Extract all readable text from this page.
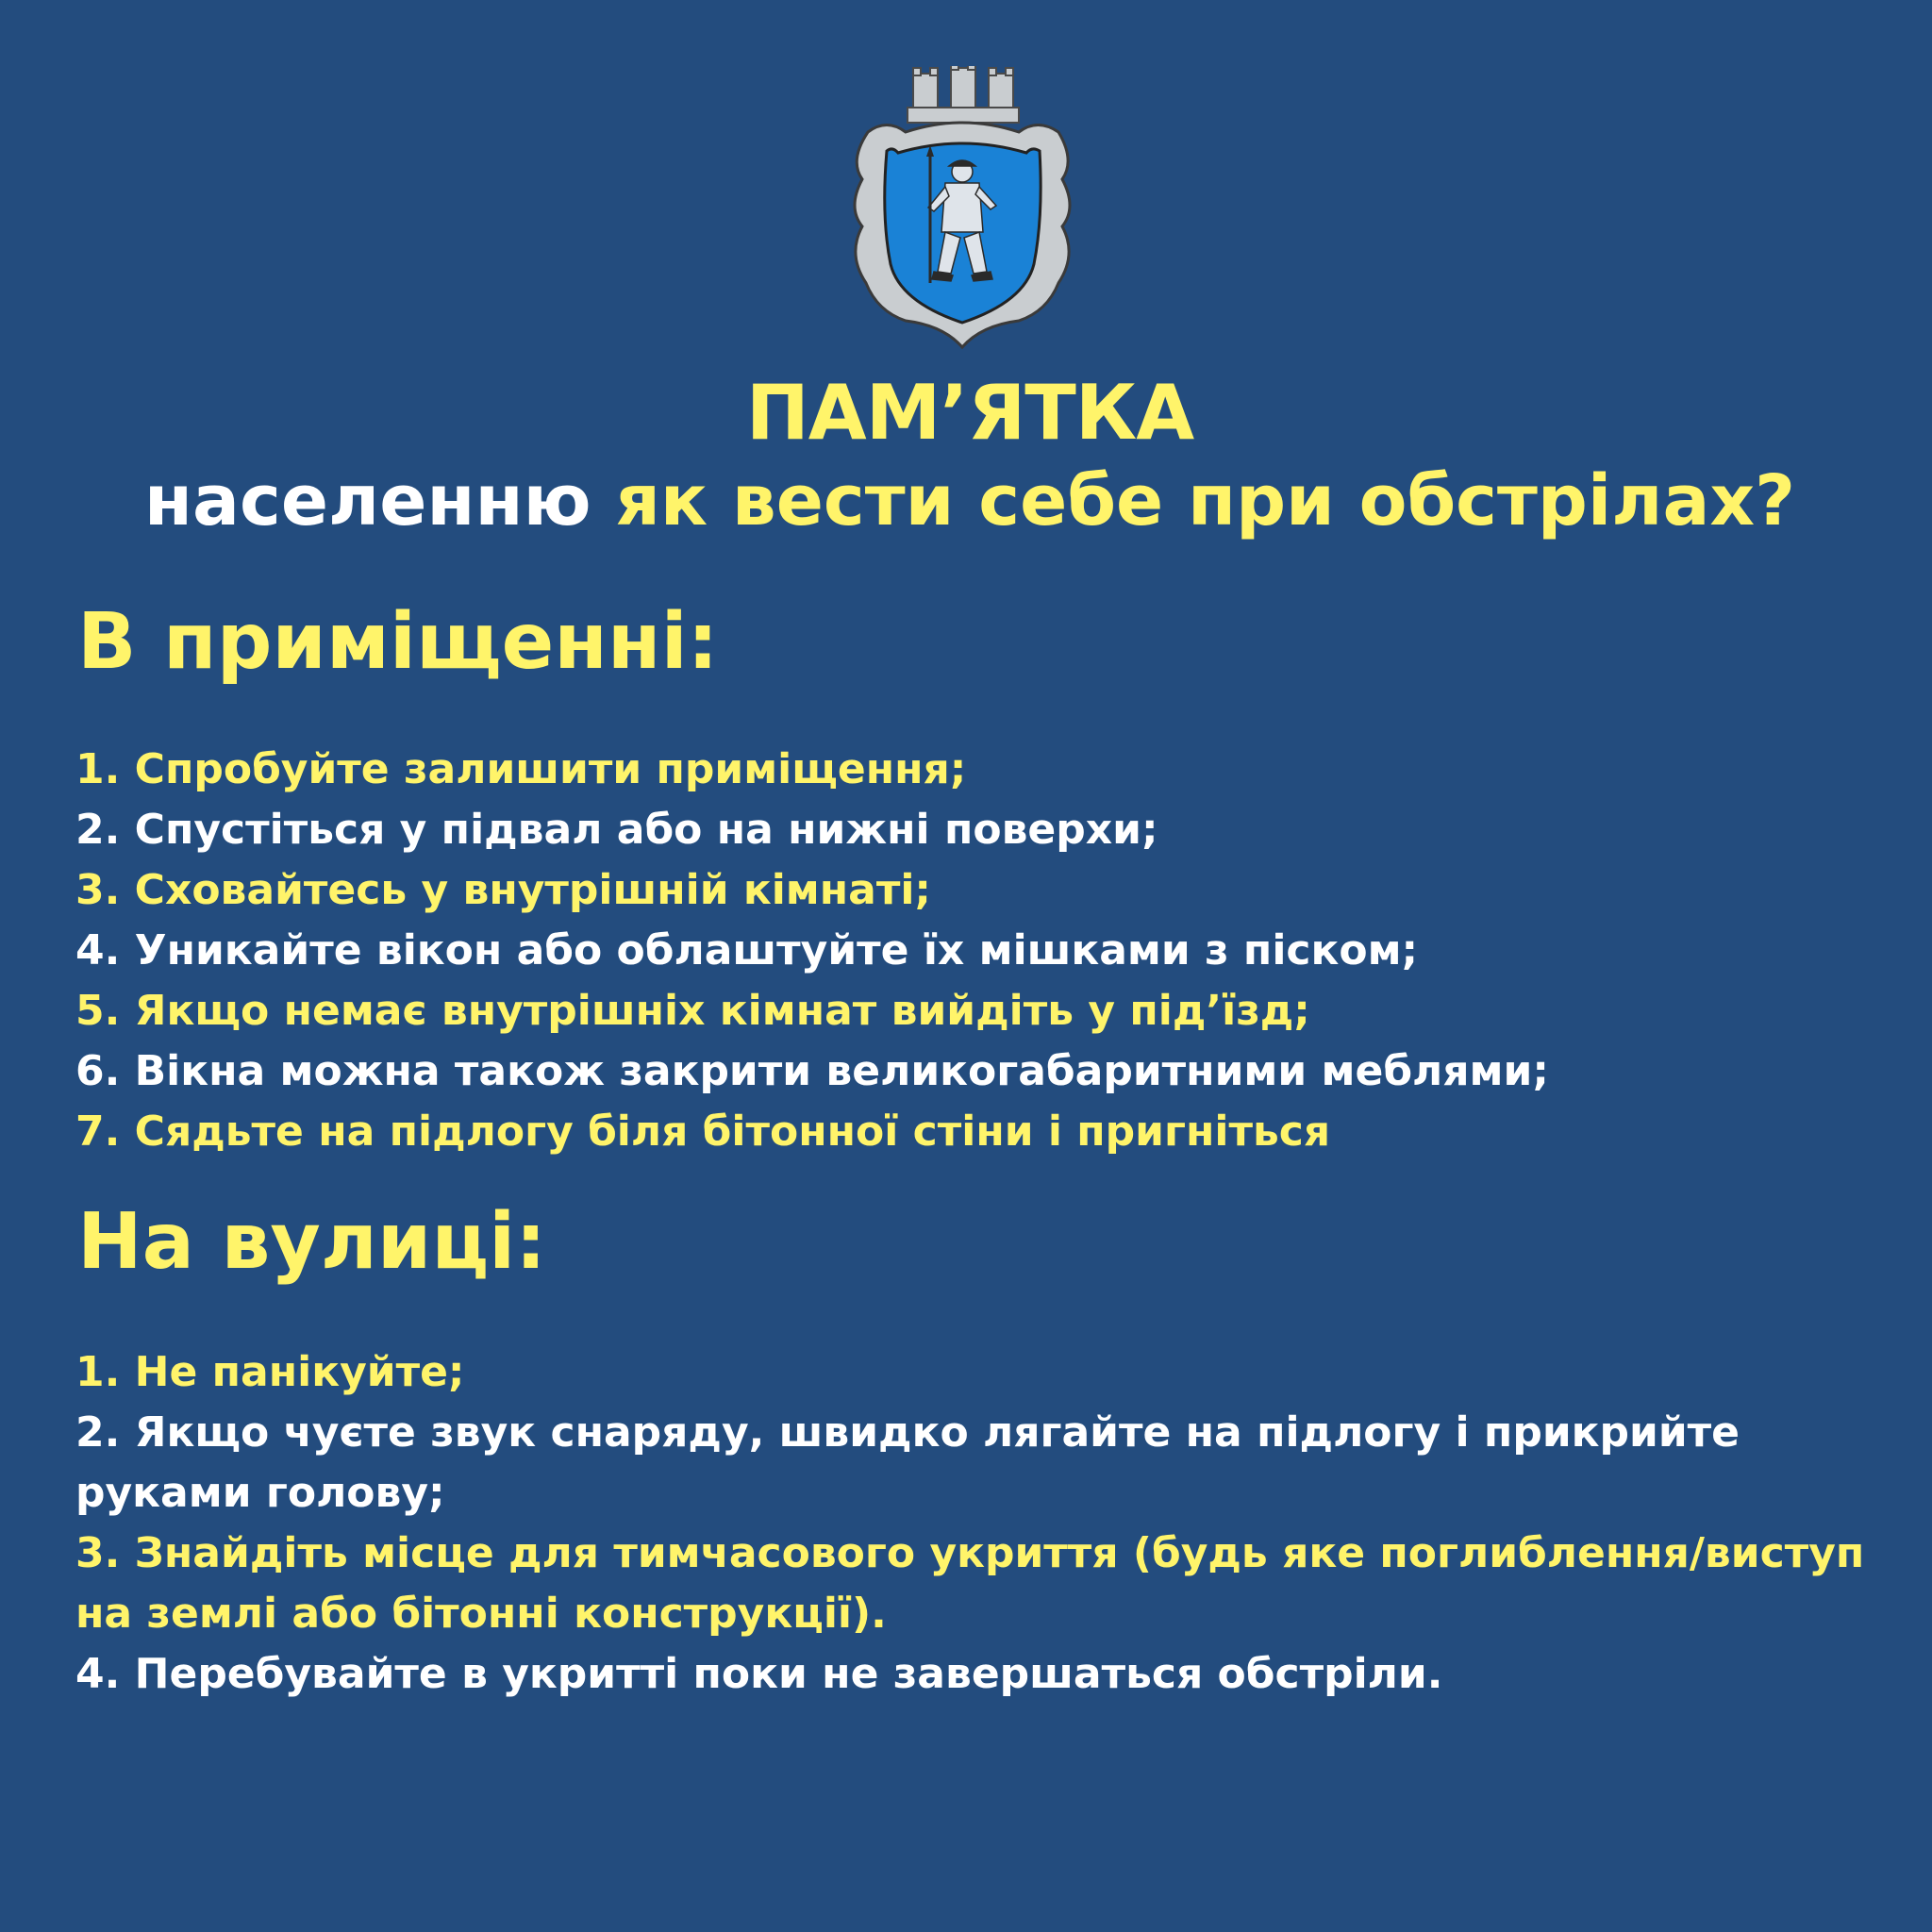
ПАМ’ЯТКА
населенню як вести себе при обстрілах?
В приміщенні:
1. Спробуйте залишити приміщення;
2. Спустіться у підвал або на нижні поверхи;
3. Сховайтесь у внутрішній кімнаті;
4. Уникайте вікон або облаштуйте їх мішками з піском;
5. Якщо немає внутрішніх кімнат вийдіть у під’їзд;
6. Вікна можна також закрити великогабаритними меблями;
7. Сядьте на підлогу біля бітонної стіни і пригніться
На вулиці:
1. Не панікуйте;
2. Якщо чуєте звук снаряду, швидко лягайте на підлогу і прикрийте руками голову;
3. Знайдіть місце для тимчасового укриття (будь яке поглиблення/виступ на землі або бітонні конструкції).
4. Перебувайте в укритті поки не завершаться обстріли.
